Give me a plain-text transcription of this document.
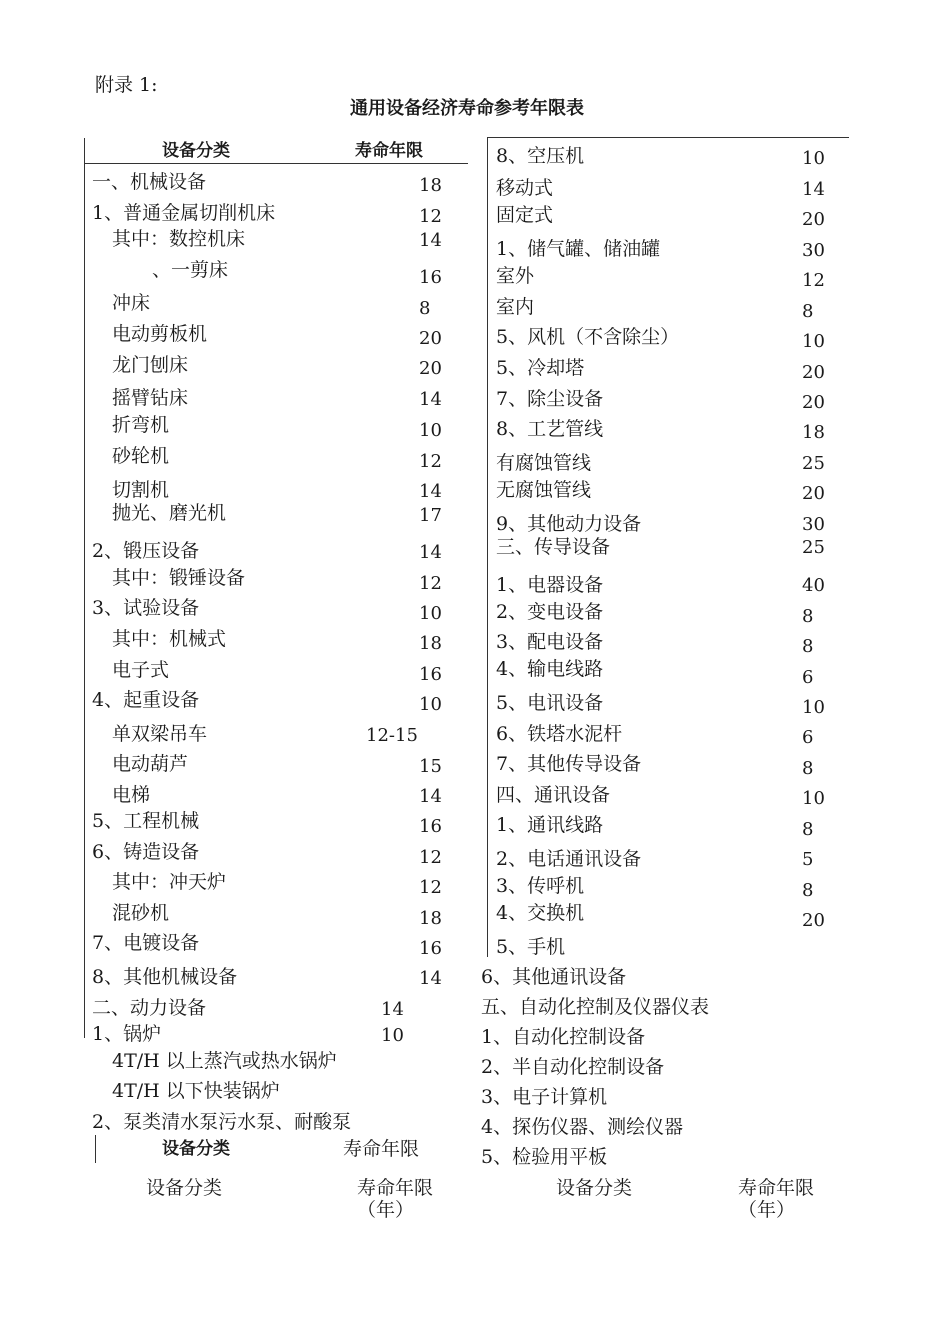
附录 1:
通用设备经济寿命参考年限表
设备分类	寿命年限
一、机械设备	18
1、普通金属切削机床	12
其中：数控机床	14
、一剪床	16
冲床	8
电动剪板机	20
龙门刨床	20
摇臂钻床	14
折弯机	10
砂轮机	12
切割机	14
抛光、磨光机	17
2、锻压设备	14
其中：锻锤设备	12
3、试验设备	10
其中：机械式	18
电子式	16
4、起重设备	10
单双梁吊车	12-15
电动葫芦	15
电梯	14
5、工程机械	16
6、铸造设备	12
其中：冲天炉	12
混砂机	18
7、电镀设备	16
8、其他机械设备	14
二、动力设备	14
1、锅炉	10
4T/H 以上蒸汽或热水锅炉
4T/H 以下快装锅炉
2、泵类清水泵污水泵、耐酸泵
设备分类	寿命年限
8、空压机	10
移动式	14
固定式	20
1、储气罐、储油罐	30
室外	12
室内	8
5、风机（不含除尘）	10
5、冷却塔	20
7、除尘设备	20
8、工艺管线	18
有腐蚀管线	25
无腐蚀管线	20
9、其他动力设备	30
三、传导设备	25
1、电器设备	40
2、变电设备	8
3、配电设备	8
4、输电线路	6
5、电讯设备	10
6、铁塔水泥杆	6
7、其他传导设备	8
四、通讯设备	10
1、通讯线路	8
2、电话通讯设备	5
3、传呼机	8
4、交换机	20
5、手机
6、其他通讯设备
五、自动化控制及仪器仪表
1、自动化控制设备
2、半自动化控制设备
3、电子计算机
4、探伤仪器、测绘仪器
5、检验用平板
设备分类	寿命年限
（年）
设备分类	寿命年限
（年）
